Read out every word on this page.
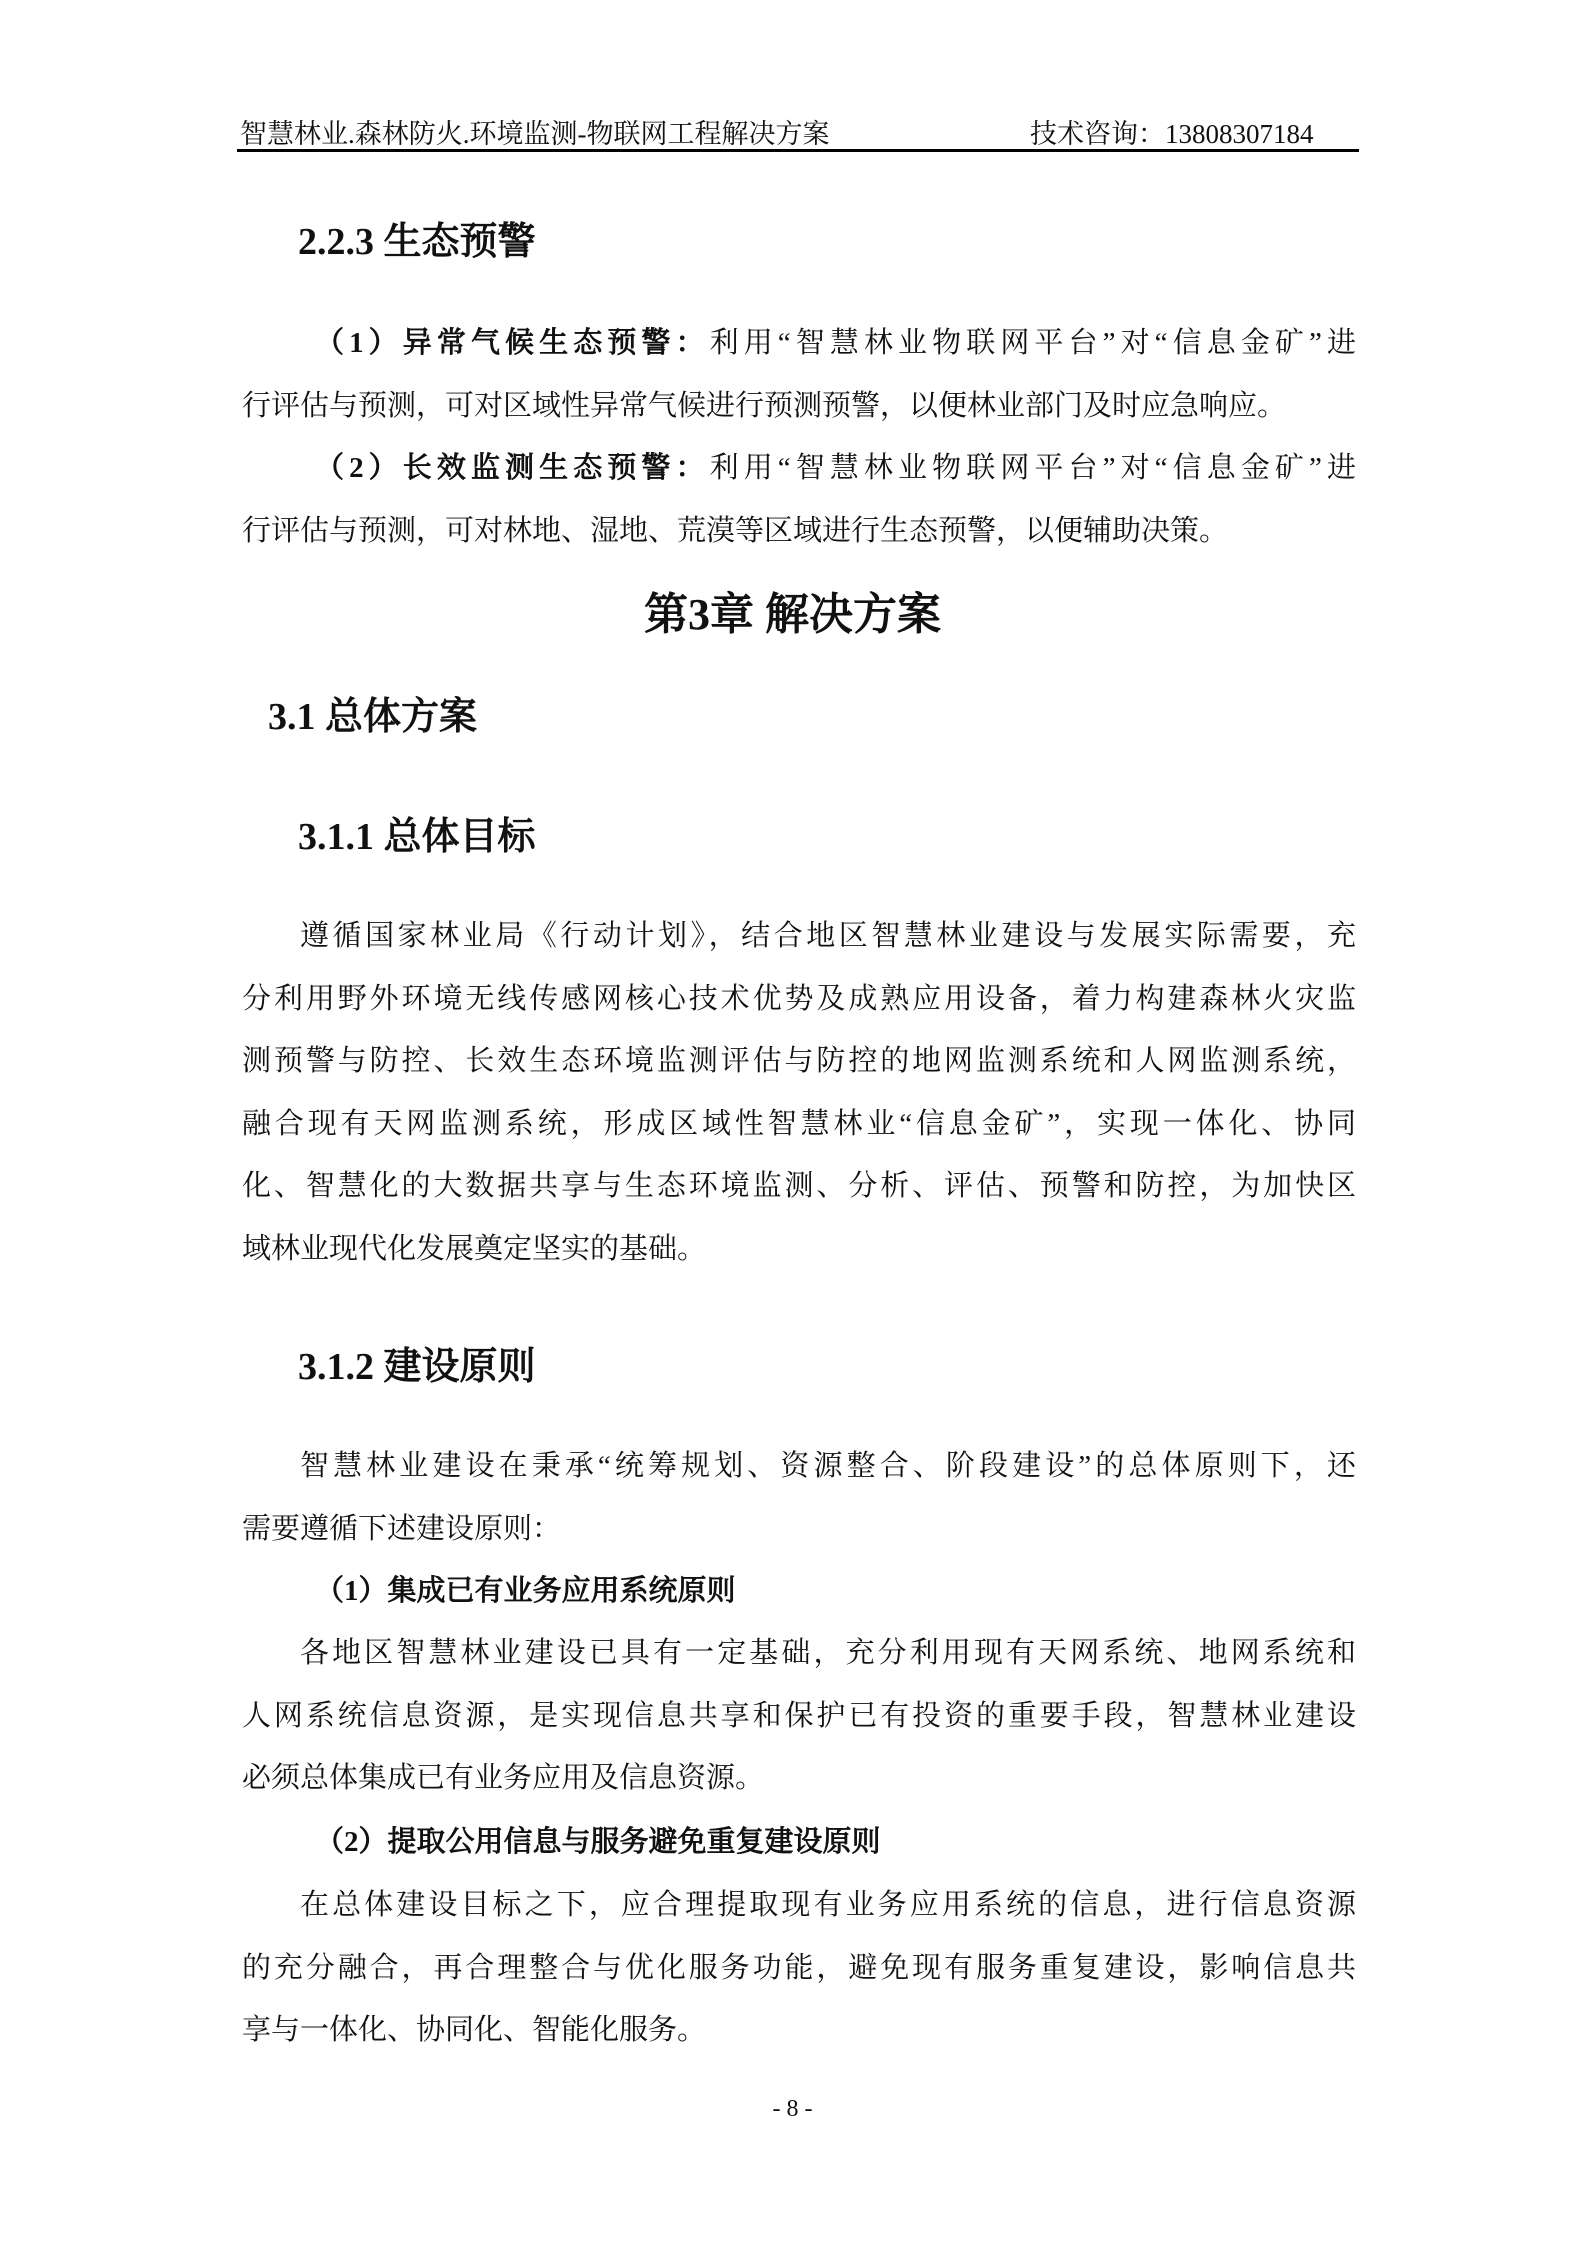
智慧林业.森林防火.环境监测-物联网工程解决方案	技术咨询：13808307184
2.2.3 生态预警
（1）异常气候生态预警：利用“智慧林业物联网平台”对“信息金矿”进
行评估与预测，可对区域性异常气候进行预测预警，以便林业部门及时应急响应。
（2）长效监测生态预警：利用“智慧林业物联网平台”对“信息金矿”进
行评估与预测，可对林地、湿地、荒漠等区域进行生态预警，以便辅助决策。
第3章 解决方案
3.1 总体方案
3.1.1 总体目标
遵循国家林业局《行动计划》，结合地区智慧林业建设与发展实际需要，充
分利用野外环境无线传感网核心技术优势及成熟应用设备，着力构建森林火灾监
测预警与防控、长效生态环境监测评估与防控的地网监测系统和人网监测系统，
融合现有天网监测系统，形成区域性智慧林业“信息金矿”，实现一体化、协同
化、智慧化的大数据共享与生态环境监测、分析、评估、预警和防控，为加快区
域林业现代化发展奠定坚实的基础。
3.1.2 建设原则
智慧林业建设在秉承“统筹规划、资源整合、阶段建设”的总体原则下，还
需要遵循下述建设原则：
（1）集成已有业务应用系统原则
各地区智慧林业建设已具有一定基础，充分利用现有天网系统、地网系统和
人网系统信息资源，是实现信息共享和保护已有投资的重要手段，智慧林业建设
必须总体集成已有业务应用及信息资源。
（2）提取公用信息与服务避免重复建设原则
在总体建设目标之下，应合理提取现有业务应用系统的信息，进行信息资源
的充分融合，再合理整合与优化服务功能，避免现有服务重复建设，影响信息共
享与一体化、协同化、智能化服务。
- 8 -
